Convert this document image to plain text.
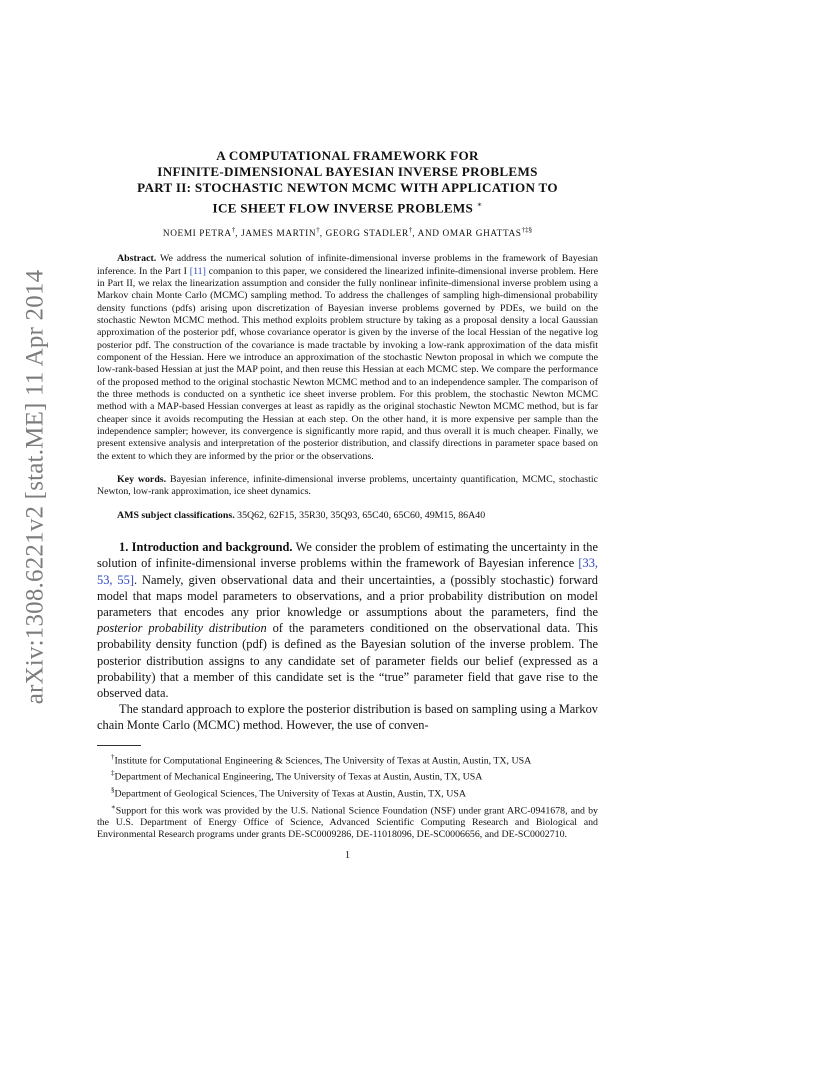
arXiv:1308.6221v2 [stat.ME] 11 Apr 2014
A COMPUTATIONAL FRAMEWORK FOR
INFINITE-DIMENSIONAL BAYESIAN INVERSE PROBLEMS
PART II: STOCHASTIC NEWTON MCMC WITH APPLICATION TO
ICE SHEET FLOW INVERSE PROBLEMS ∗
NOEMI PETRA†, JAMES MARTIN†, GEORG STADLER†, AND OMAR GHATTAS†‡§
Abstract. We address the numerical solution of infinite-dimensional inverse problems in the framework of Bayesian inference. In the Part I [11] companion to this paper, we considered the linearized infinite-dimensional inverse problem. Here in Part II, we relax the linearization assumption and consider the fully nonlinear infinite-dimensional inverse problem using a Markov chain Monte Carlo (MCMC) sampling method. To address the challenges of sampling high-dimensional probability density functions (pdfs) arising upon discretization of Bayesian inverse problems governed by PDEs, we build on the stochastic Newton MCMC method. This method exploits problem structure by taking as a proposal density a local Gaussian approximation of the posterior pdf, whose covariance operator is given by the inverse of the local Hessian of the negative log posterior pdf. The construction of the covariance is made tractable by invoking a low-rank approximation of the data misfit component of the Hessian. Here we introduce an approximation of the stochastic Newton proposal in which we compute the low-rank-based Hessian at just the MAP point, and then reuse this Hessian at each MCMC step. We compare the performance of the proposed method to the original stochastic Newton MCMC method and to an independence sampler. The comparison of the three methods is conducted on a synthetic ice sheet inverse problem. For this problem, the stochastic Newton MCMC method with a MAP-based Hessian converges at least as rapidly as the original stochastic Newton MCMC method, but is far cheaper since it avoids recomputing the Hessian at each step. On the other hand, it is more expensive per sample than the independence sampler; however, its convergence is significantly more rapid, and thus overall it is much cheaper. Finally, we present extensive analysis and interpretation of the posterior distribution, and classify directions in parameter space based on the extent to which they are informed by the prior or the observations.
Key words. Bayesian inference, infinite-dimensional inverse problems, uncertainty quantification, MCMC, stochastic Newton, low-rank approximation, ice sheet dynamics.
AMS subject classifications. 35Q62, 62F15, 35R30, 35Q93, 65C40, 65C60, 49M15, 86A40

1. Introduction and background. We consider the problem of estimating the uncertainty in the solution of infinite-dimensional inverse problems within the framework of Bayesian inference [33, 53, 55]. Namely, given observational data and their uncertainties, a (possibly stochastic) forward model that maps model parameters to observations, and a prior probability distribution on model parameters that encodes any prior knowledge or assumptions about the parameters, find the posterior probability distribution of the parameters conditioned on the observational data. This probability density function (pdf) is defined as the Bayesian solution of the inverse problem. The posterior distribution assigns to any candidate set of parameter fields our belief (expressed as a probability) that a member of this candidate set is the “true” parameter field that gave rise to the observed data.

The standard approach to explore the posterior distribution is based on sampling using a Markov chain Monte Carlo (MCMC) method. However, the use of conven-

†Institute for Computational Engineering & Sciences, The University of Texas at Austin, Austin, TX, USA

‡Department of Mechanical Engineering, The University of Texas at Austin, Austin, TX, USA

§Department of Geological Sciences, The University of Texas at Austin, Austin, TX, USA

∗Support for this work was provided by the U.S. National Science Foundation (NSF) under grant ARC-0941678, and by the U.S. Department of Energy Office of Science, Advanced Scientific Computing Research and Biological and Environmental Research programs under grants DE-SC0009286, DE-11018096, DE-SC0006656, and DE-SC0002710.

1
